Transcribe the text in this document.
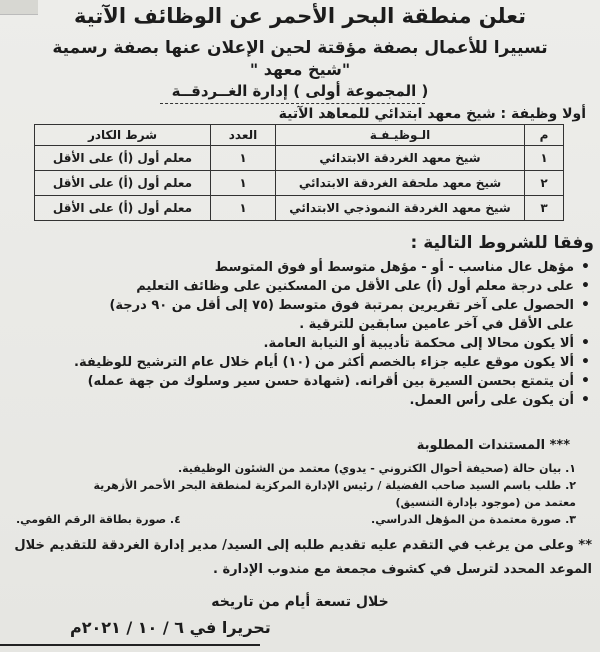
تعلن منطقة البحر الأحمر عن الوظائف الآتية
تسييرا للأعمال بصفة مؤقتة لحين الإعلان عنها بصفة رسمية
"شيخ معهد "
( المجموعة أولى ) إدارة الغــردقــة
أولا وظيفة : شيخ معهد ابتدائي للمعاهد الآتية
م	الـوظيـفـة	العدد	شرط الكادر
١	شيخ معهد الغردقة الابتدائي	١	معلم أول (أ) على الأقل
٢	شيخ معهد ملحقة الغردقة الابتدائي	١	معلم أول (أ) على الأقل
٣	شيخ معهد الغردقة النموذجي الابتدائي	١	معلم أول (أ) على الأقل
وفقا للشروط التالية :
•
مؤهل عال مناسب - أو - مؤهل متوسط أو فوق المتوسط
•
على درجة معلم أول (أ) على الأقل من المسكنين على وظائف التعليم
•
الحصول على آخر تقريرين بمرتبة فوق متوسط (٧٥ إلى أقل من ٩٠ درجة)
على الأقل في آخر عامين سابقين للترقية .
•
ألا يكون محالا إلى محكمة تأديبية أو النيابة العامة.
•
ألا يكون موقع عليه جزاء بالخصم أكثر من (١٠) أيام خلال عام الترشيح للوظيفة.
•
أن يتمتع بحسن السيرة بين أقرانه. (شهادة حسن سير وسلوك من جهة عمله)
•
أن يكون على رأس العمل.
*** المستندات المطلوبة
١. بيان حالة (صحيفة أحوال الكتروني - يدوي) معتمد من الشئون الوظيفية.
٢. طلب باسم السيد صاحب الفضيلة / رئيس الإدارة المركزية لمنطقة البحر الأحمر الأزهرية
معتمد من (موجود بإدارة التنسيق)
٣. صورة معتمدة من المؤهل الدراسي.
٤. صورة بطاقة الرقم القومي.
** وعلى من يرغب في التقدم عليه تقديم طلبه إلى السيد/ مدير إدارة الغردقة للتقديم خلال
الموعد المحدد لترسل في كشوف مجمعة مع مندوب الإدارة .
خلال تسعة أيام من تاريخه
تحريرا في ٦ / ١٠ / ٢٠٢١م
